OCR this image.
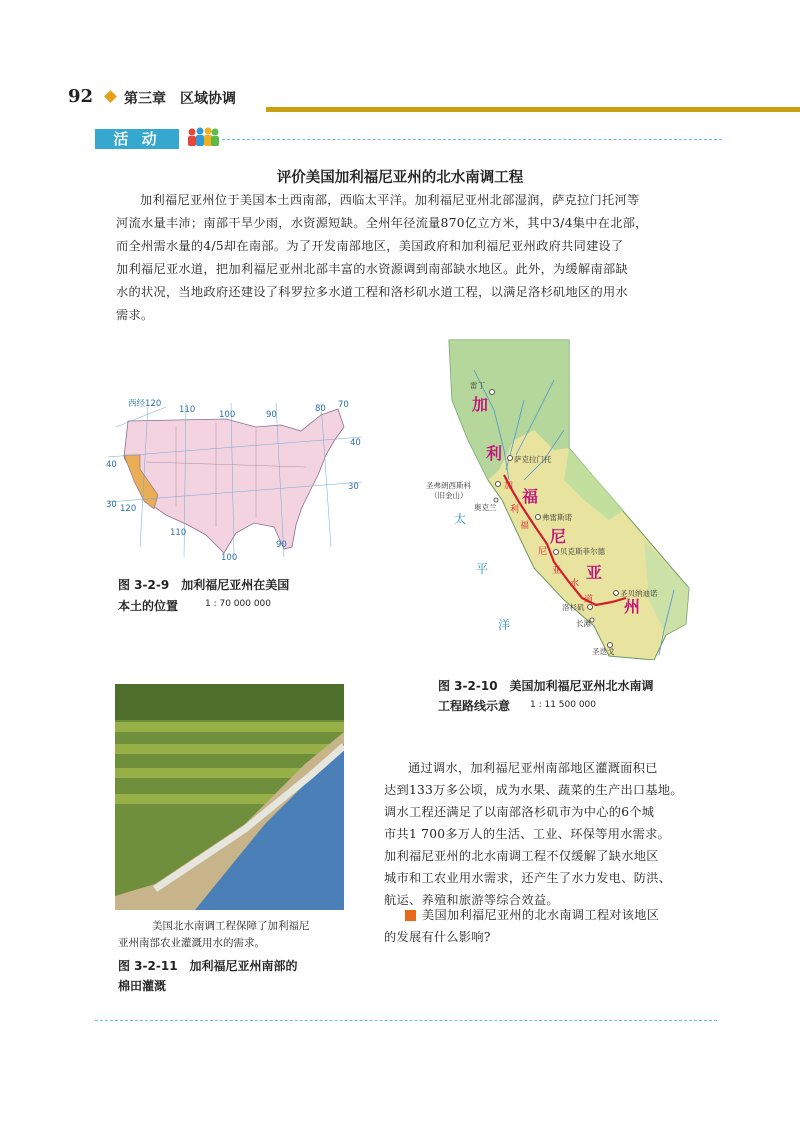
92 第三章　区域协调
活 动
评价美国加利福尼亚州的北水南调工程
加利福尼亚州位于美国本土西南部，西临太平洋。加利福尼亚州北部湿润，萨克拉门托河等
河流水量丰沛；南部干旱少雨，水资源短缺。全州年径流量870亿立方米，其中3/4集中在北部，
而全州需水量的4/5却在南部。为了开发南部地区，美国政府和加利福尼亚州政府共同建设了
加利福尼亚水道，把加利福尼亚州北部丰富的水资源调到南部缺水地区。此外，为缓解南部缺
水的状况，当地政府还建设了科罗拉多水道工程和洛杉矶水道工程，以满足洛杉矶地区的用水
需求。
西经120
110	100	90
80 70
40
30
40
30
120
110
100
90
图 3-2-9　加利福尼亚州在美国
本土的位置	1 : 70 000 000
加
利
福
尼
亚
州
太
平
洋
加
利
福
尼
亚
水
道
雷丁
萨克拉门托
圣弗朗西斯科
（旧金山）
奥克兰
弗雷斯诺
贝克斯菲尔德
圣贝纳迪诺
洛杉矶
长滩
圣迭戈
图 3-2-10　美国加利福尼亚州北水南调
工程路线示意 1 : 11 500 000
美国北水南调工程保障了加利福尼
亚州南部农业灌溉用水的需求。
图 3-2-11　加利福尼亚州南部的
棉田灌溉
通过调水，加利福尼亚州南部地区灌溉面积已
达到133万多公顷，成为水果、蔬菜的生产出口基地。
调水工程还满足了以南部洛杉矶市为中心的6个城
市共1 700多万人的生活、工业、环保等用水需求。
加利福尼亚州的北水南调工程不仅缓解了缺水地区
城市和工农业用水需求，还产生了水力发电、防洪、
航运、养殖和旅游等综合效益。
美国加利福尼亚州的北水南调工程对该地区
的发展有什么影响?
